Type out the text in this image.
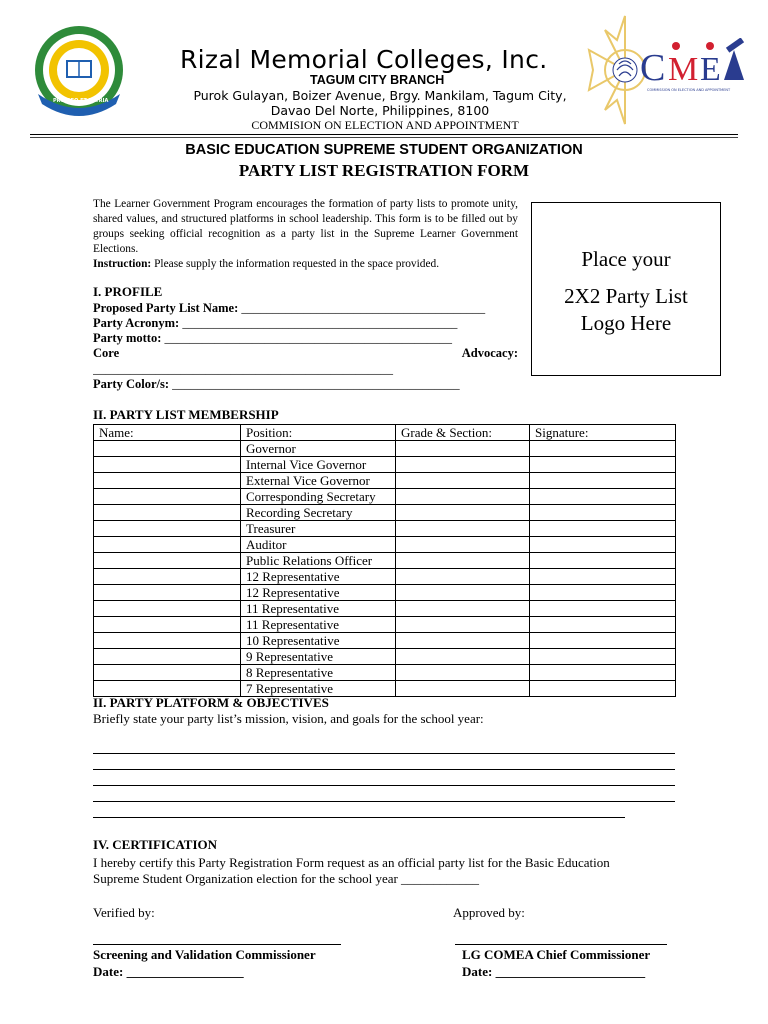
PRO DEO ET PATRIA
Rizal Memorial Colleges, Inc.
TAGUM CITY BRANCH
Purok Gulayan, Boizer Avenue, Brgy. Mankilam, Tagum City,
Davao Del Norte, Philippines, 8100
COMMISION ON ELECTION AND APPOINTMENT
C M E
COMMISSION ON ELECTION AND APPOINTMENT
BASIC EDUCATION SUPREME STUDENT ORGANIZATION
PARTY LIST REGISTRATION FORM
The Learner Government Program encourages the formation of party lists to promote unity, shared values, and structured platforms in school leadership. This form is to be filled out by groups seeking official recognition as a party list in the Supreme Learner Government Elections.
Instruction: Please supply the information requested in the space provided.	Place your
2X2 Party List
Logo Here
I. PROFILE
Proposed Party List Name: _______________________________________
Party Acronym: ____________________________________________
Party motto: ______________________________________________
Core	Advocacy:
________________________________________________
Party Color/s: ______________________________________________
II. PARTY LIST MEMBERSHIP
Name:	Position:	Grade & Section:	Signature:
	Governor		
	Internal Vice Governor		
	External Vice Governor		
	Corresponding Secretary		
	Recording Secretary		
	Treasurer		
	Auditor		
	Public Relations Officer		
	12 Representative		
	12 Representative		
	11 Representative		
	11 Representative		
	10 Representative		
	9 Representative		
	8 Representative		
	7 Representative		
II. PARTY PLATFORM & OBJECTIVES
Briefly state your party list’s mission, vision, and goals for the school year:
IV. CERTIFICATION
I hereby certify this Party Registration Form request as an official party list for the Basic Education
Supreme Student Organization election for the school year ____________
Verified by:	Approved by:
Screening and Validation Commissioner	LG COMEA Chief Commissioner
Date: __________________	Date: _______________________
